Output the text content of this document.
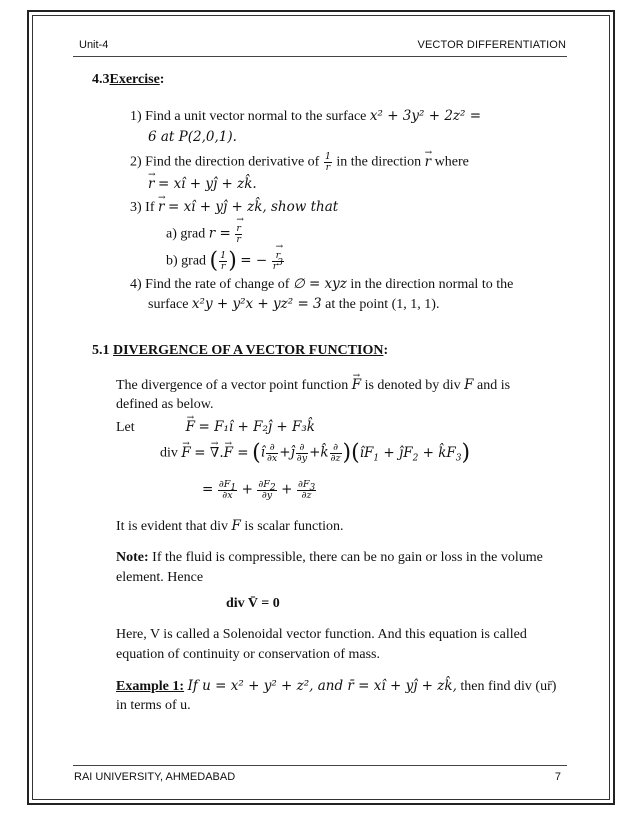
Unit-4	VECTOR DIFFERENTIATION
4.3Exercise:
1) Find a unit vector normal to the surface x² + 3y² + 2z² =
6 at P(2,0,1).
2) Find the direction derivative of $\frac{1}{r}$ in the direction → r where
→ r = xî + yĵ + zk̂.
3) If → r = xî + yĵ + zk̂, show that
a) grad r = → $\frac{r}{r}$
b) grad ( $\frac{1}{r}$ ) = − → $\frac{r}{r^3}$
4) Find the rate of change of ∅ = xyz in the direction normal to the
surface x²y + y²x + yz² = 3 at the point (1, 1, 1).
5.1 DIVERGENCE OF A VECTOR FUNCTION:
The divergence of a vector point function → F is denoted by div F and is
defined as below.
Let	→ F = F₁î + F₂ĵ + F₃k̂
div → F = → ∇.→ F = (î $\frac{\partial}{\partial x}$ +ĵ $\frac{\partial}{\partial y}$ +k̂ $\frac{\partial}{\partial z}$ )($îF_1$ + $ĵF_2$ + $k̂F_3$)
= $\frac{\partial F_1}{\partial x} + \frac{\partial F_2}{\partial y} + \frac{\partial F_3}{\partial z}$
It is evident that div F is scalar function.
Note: If the fluid is compressible, there can be no gain or loss in the volume
element. Hence
div V̄ = 0
Here, V is called a Solenoidal vector function. And this equation is called
equation of continuity or conservation of mass.
Example 1: If u = x² + y² + z², and r̄ = xî + yĵ + zk̂, then find div (ur̄)
in terms of u.
RAI UNIVERSITY, AHMEDABAD	7
